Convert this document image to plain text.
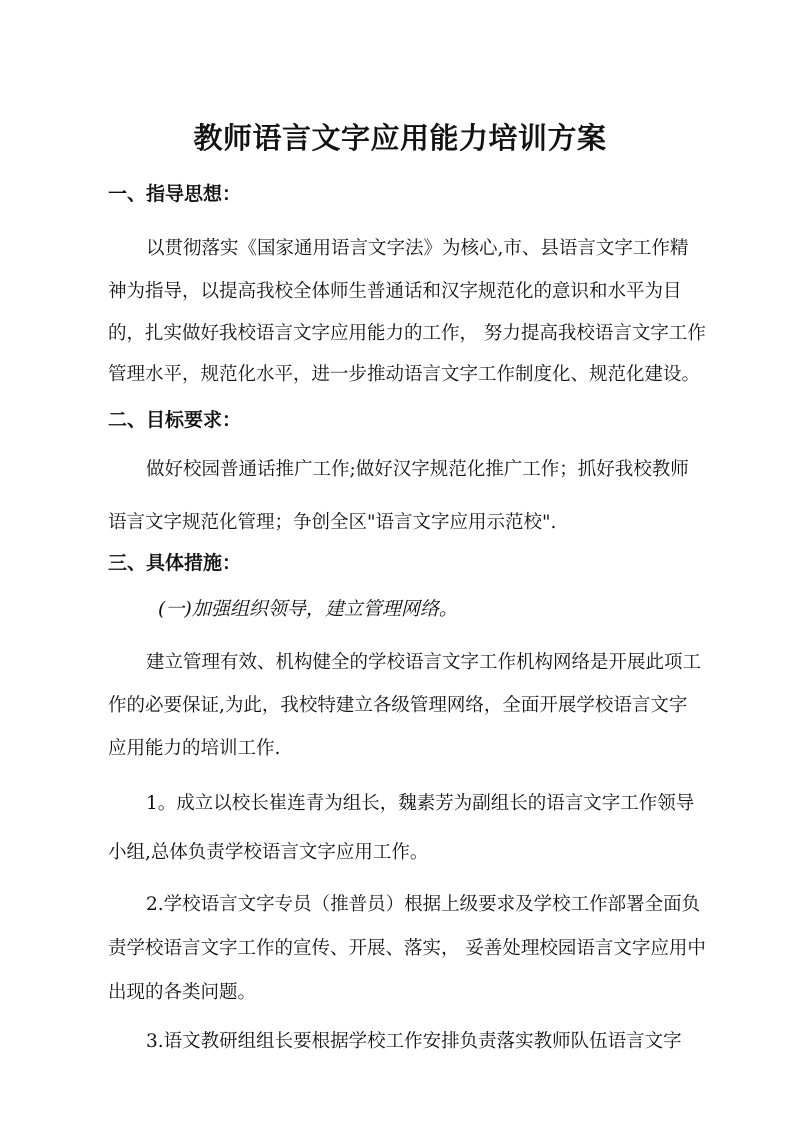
教师语言文字应用能力培训方案
一、指导思想：
以贯彻落实《国家通用语言文字法》为核心,市、县语言文字工作精
神为指导，以提高我校全体师生普通话和汉字规范化的意识和水平为目
的，扎实做好我校语言文字应用能力的工作， 努力提高我校语言文字工作
管理水平，规范化水平，进一步推动语言文字工作制度化、规范化建设。
二、目标要求：
做好校园普通话推广工作;做好汉字规范化推广工作；抓好我校教师
语言文字规范化管理；争创全区"语言文字应用示范校".
三、具体措施：
(一)加强组织领导，建立管理网络。
建立管理有效、机构健全的学校语言文字工作机构网络是开展此项工
作的必要保证,为此，我校特建立各级管理网络，全面开展学校语言文字
应用能力的培训工作.
1。成立以校长崔连青为组长，魏素芳为副组长的语言文字工作领导
小组,总体负责学校语言文字应用工作。
2.学校语言文字专员（推普员）根据上级要求及学校工作部署全面负
责学校语言文字工作的宣传、开展、落实， 妥善处理校园语言文字应用中
出现的各类问题。
3.语文教研组组长要根据学校工作安排负责落实教师队伍语言文字
